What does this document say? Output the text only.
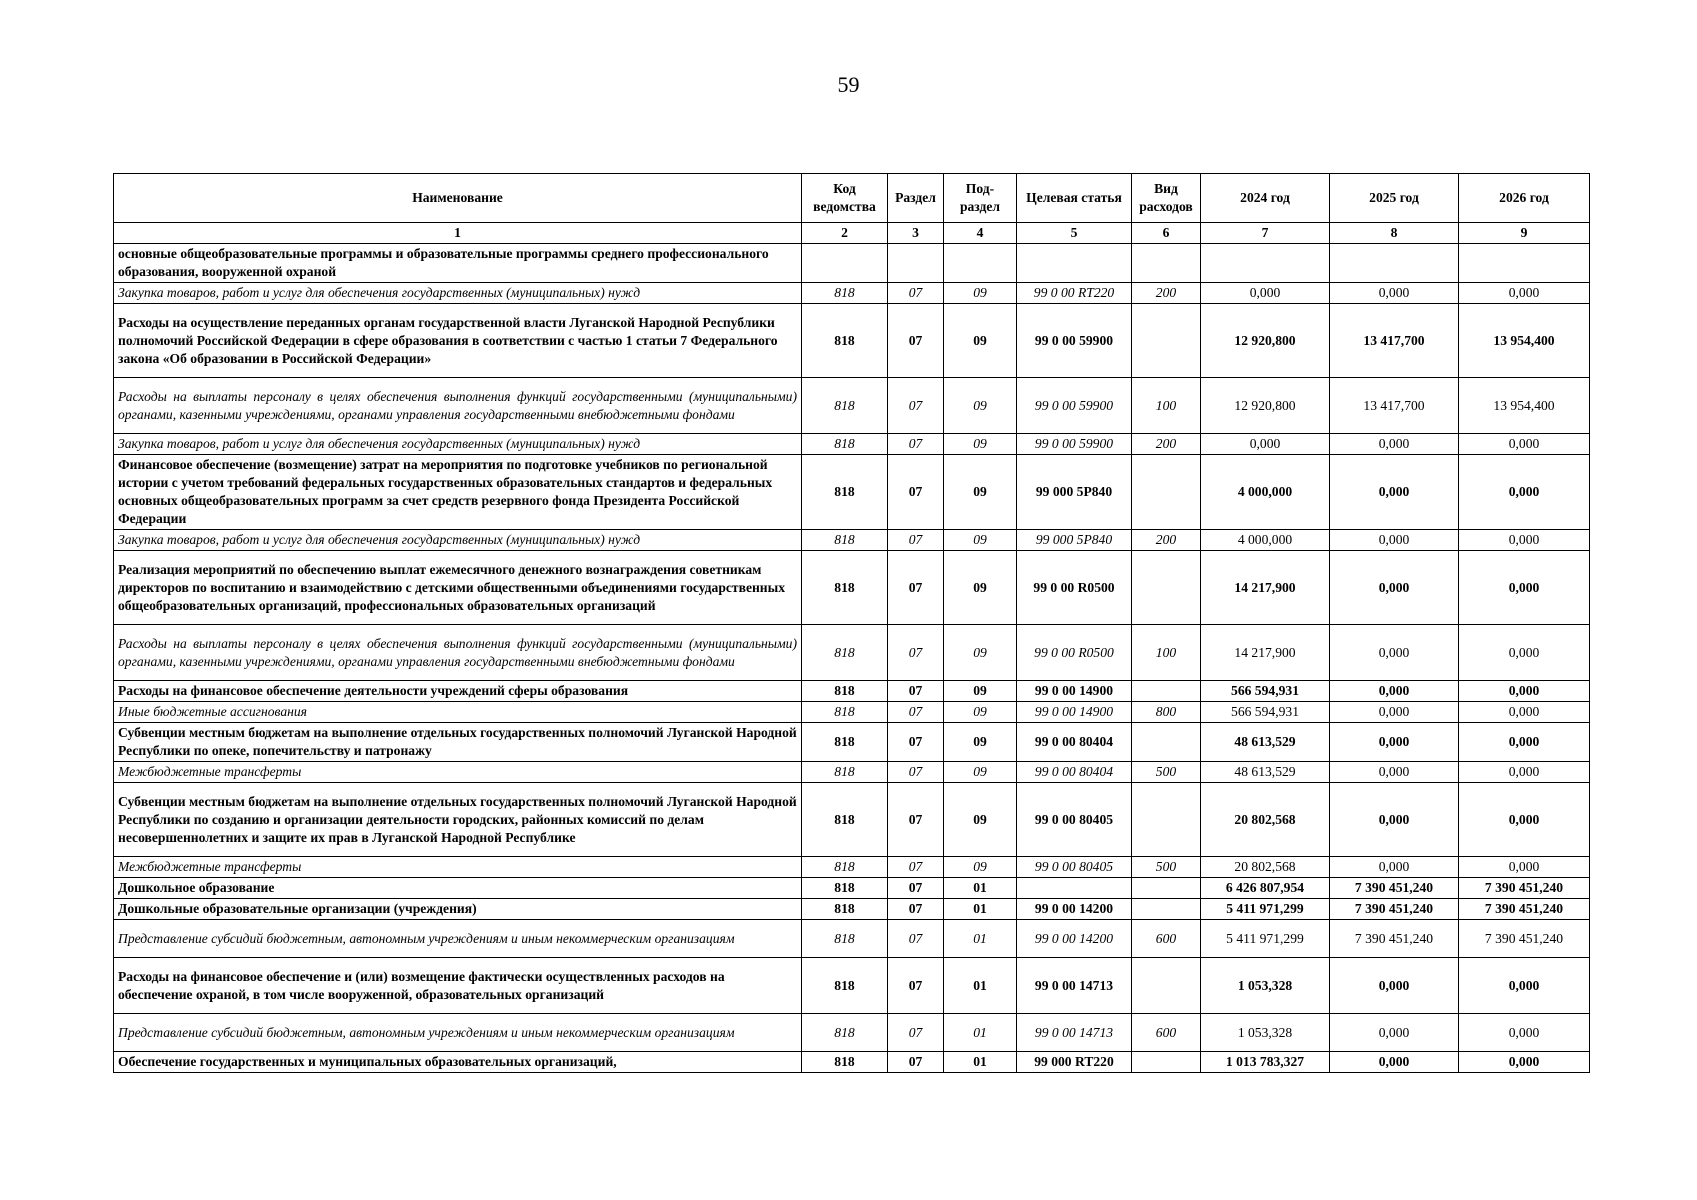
59
Наименование	Код ведомства	Раздел	Под-раздел	Целевая статья	Вид расходов	2024 год	2025 год	2026 год
1	2	3	4	5	6	7	8	9
основные общеобразовательные программы и образовательные программы среднего профессионального образования, вооруженной охраной								
Закупка товаров, работ и услуг для обеспечения государственных (муниципальных) нужд	818	07	09	99 0 00 RT220	200	0,000	0,000	0,000
Расходы на осуществление переданных органам государственной власти Луганской Народной Республики полномочий Российской Федерации в сфере образования в соответствии с частью 1 статьи 7 Федерального закона «Об образовании в Российской Федерации»	818	07	09	99 0 00 59900		12 920,800	13 417,700	13 954,400
Расходы на выплаты персоналу в целях обеспечения выполнения функций государственными (муниципальными) органами, казенными учреждениями, органами управления государственными внебюджетными фондами	818	07	09	99 0 00 59900	100	12 920,800	13 417,700	13 954,400
Закупка товаров, работ и услуг для обеспечения государственных (муниципальных) нужд	818	07	09	99 0 00 59900	200	0,000	0,000	0,000
Финансовое обеспечение (возмещение) затрат на мероприятия по подготовке учебников по региональной истории с учетом требований федеральных государственных образовательных стандартов и федеральных основных общеобразовательных программ за счет средств резервного фонда Президента Российской Федерации	818	07	09	99 000 5P840		4 000,000	0,000	0,000
Закупка товаров, работ и услуг для обеспечения государственных (муниципальных) нужд	818	07	09	99 000 5P840	200	4 000,000	0,000	0,000
Реализация мероприятий по обеспечению выплат ежемесячного денежного вознаграждения советникам директоров по воспитанию и взаимодействию с детскими общественными объединениями государственных общеобразовательных организаций, профессиональных образовательных организаций	818	07	09	99 0 00 R0500		14 217,900	0,000	0,000
Расходы на выплаты персоналу в целях обеспечения выполнения функций государственными (муниципальными) органами, казенными учреждениями, органами управления государственными внебюджетными фондами	818	07	09	99 0 00 R0500	100	14 217,900	0,000	0,000
Расходы на финансовое обеспечение деятельности учреждений сферы образования	818	07	09	99 0 00 14900		566 594,931	0,000	0,000
Иные бюджетные ассигнования	818	07	09	99 0 00 14900	800	566 594,931	0,000	0,000
Субвенции местным бюджетам на выполнение отдельных государственных полномочий Луганской Народной Республики по опеке, попечительству и патронажу	818	07	09	99 0 00 80404		48 613,529	0,000	0,000
Межбюджетные трансферты	818	07	09	99 0 00 80404	500	48 613,529	0,000	0,000
Субвенции местным бюджетам на выполнение отдельных государственных полномочий Луганской Народной Республики по созданию и организации деятельности городских, районных комиссий по делам несовершеннолетних и защите их прав в Луганской Народной Республике	818	07	09	99 0 00 80405		20 802,568	0,000	0,000
Межбюджетные трансферты	818	07	09	99 0 00 80405	500	20 802,568	0,000	0,000
Дошкольное образование	818	07	01			6 426 807,954	7 390 451,240	7 390 451,240
Дошкольные образовательные организации (учреждения)	818	07	01	99 0 00 14200		5 411 971,299	7 390 451,240	7 390 451,240
Представление субсидий бюджетным, автономным учреждениям и иным некоммерческим организациям	818	07	01	99 0 00 14200	600	5 411 971,299	7 390 451,240	7 390 451,240
Расходы на финансовое обеспечение и (или) возмещение фактически осуществленных расходов на обеспечение охраной, в том числе вооруженной, образовательных организаций	818	07	01	99 0 00 14713		1 053,328	0,000	0,000
Представление субсидий бюджетным, автономным учреждениям и иным некоммерческим организациям	818	07	01	99 0 00 14713	600	1 053,328	0,000	0,000
Обеспечение государственных и муниципальных образовательных организаций,	818	07	01	99 000 RT220		1 013 783,327	0,000	0,000
